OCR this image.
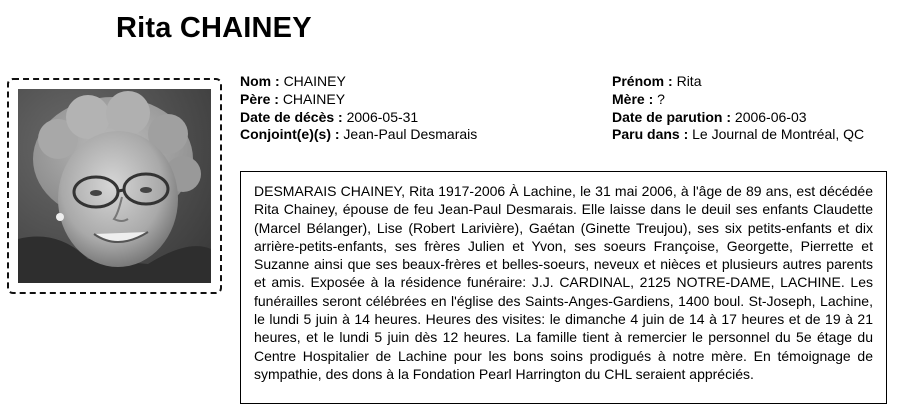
Rita CHAINEY
Nom : CHAINEY
Père : CHAINEY
Date de décès : 2006-05-31
Conjoint(e)(s) : Jean-Paul Desmarais
Prénom : Rita
Mère : ?
Date de parution : 2006-06-03
Paru dans : Le Journal de Montréal, QC
DESMARAIS CHAINEY, Rita 1917-2006 À Lachine, le 31 mai 2006, à l'âge de 89 ans, est décédée Rita Chainey, épouse de feu Jean-Paul Desmarais. Elle laisse dans le deuil ses enfants Claudette (Marcel Bélanger), Lise (Robert Larivière), Gaétan (Ginette Treujou), ses six petits-enfants et dix arrière-petits-enfants, ses frères Julien et Yvon, ses soeurs Françoise, Georgette, Pierrette et Suzanne ainsi que ses beaux-frères et belles-soeurs, neveux et nièces et plusieurs autres parents et amis. Exposée à la résidence funéraire: J.J. CARDINAL, 2125 NOTRE-DAME, LACHINE. Les funérailles seront célébrées en l'église des Saints-Anges-Gardiens, 1400 boul. St-Joseph, Lachine, le lundi 5 juin à 14 heures. Heures des visites: le dimanche 4 juin de 14 à 17 heures et de 19 à 21 heures, et le lundi 5 juin dès 12 heures. La famille tient à remercier le personnel du 5e étage du Centre Hospitalier de Lachine pour les bons soins prodigués à notre mère. En témoignage de sympathie, des dons à la Fondation Pearl Harrington du CHL seraient appréciés.
